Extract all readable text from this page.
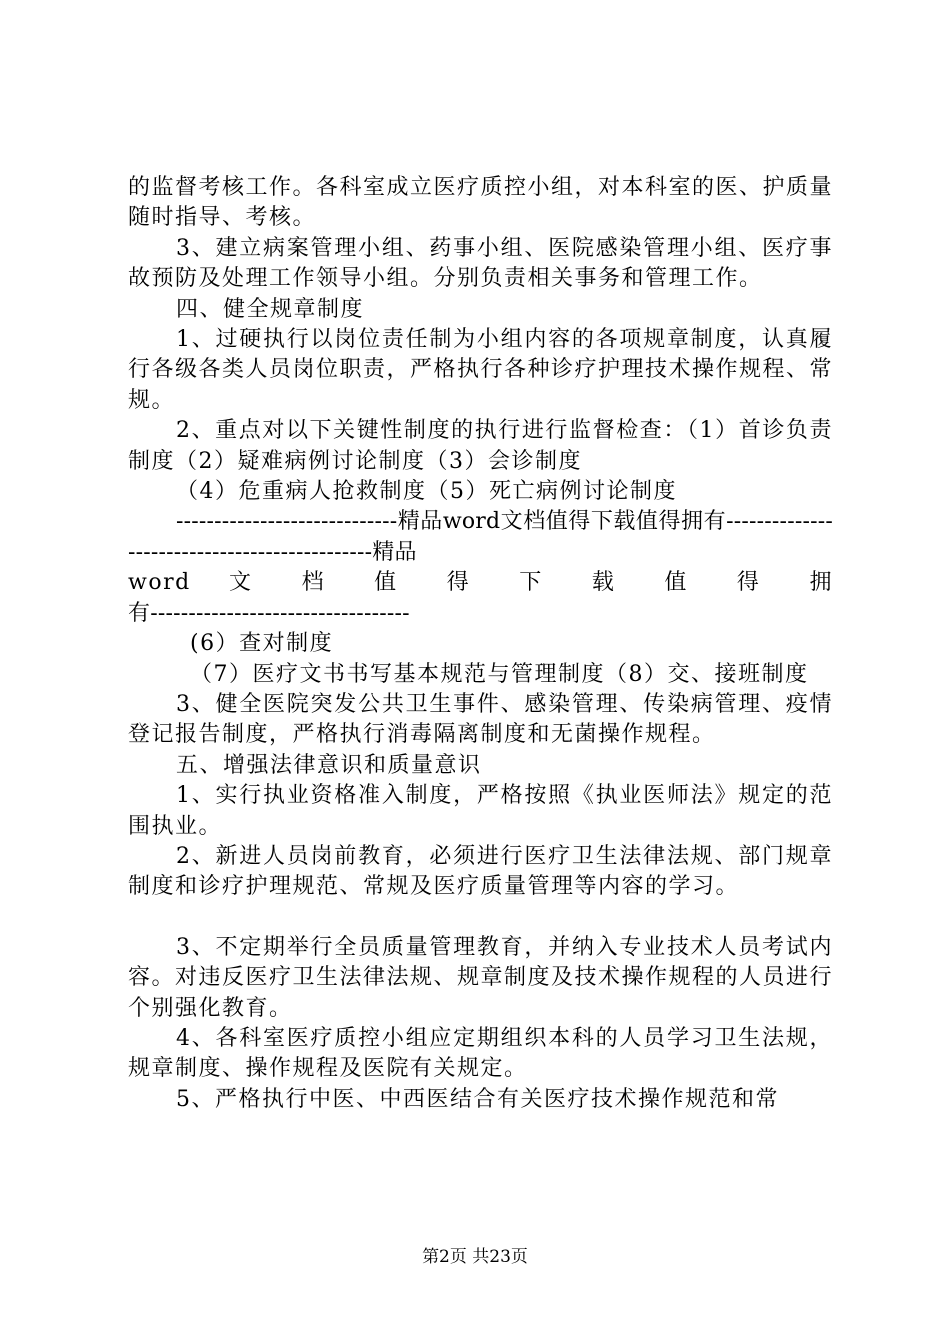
的监督考核工作。各科室成立医疗质控小组，对本科室的医、护质量随时指导、考核。

3、建立病案管理小组、药事小组、医院感染管理小组、医疗事故预防及处理工作领导小组。分别负责相关事务和管理工作。

四、健全规章制度

1、过硬执行以岗位责任制为小组内容的各项规章制度，认真履行各级各类人员岗位职责，严格执行各种诊疗护理技术操作规程、常规。

2、重点对以下关键性制度的执行进行监督检查：（1）首诊负责制度（2）疑难病例讨论制度（3）会诊制度

（4）危重病人抢救制度（5）死亡病例讨论制度

-----------------------------精品word文档值得下载值得拥有----------------------------------------------精品

word  文  档  值  得  下  载  值  得  拥

有----------------------------------

(6）查对制度

（7）医疗文书书写基本规范与管理制度（8）交、接班制度

3、健全医院突发公共卫生事件、感染管理、传染病管理、疫情登记报告制度，严格执行消毒隔离制度和无菌操作规程。

五、增强法律意识和质量意识

1、实行执业资格准入制度，严格按照《执业医师法》规定的范围执业。

2、新进人员岗前教育，必须进行医疗卫生法律法规、部门规章制度和诊疗护理规范、常规及医疗质量管理等内容的学习。

3、不定期举行全员质量管理教育，并纳入专业技术人员考试内容。对违反医疗卫生法律法规、规章制度及技术操作规程的人员进行个别强化教育。

4、各科室医疗质控小组应定期组织本科的人员学习卫生法规，规章制度、操作规程及医院有关规定。

5、严格执行中医、中西医结合有关医疗技术操作规范和常

第2页 共23页
